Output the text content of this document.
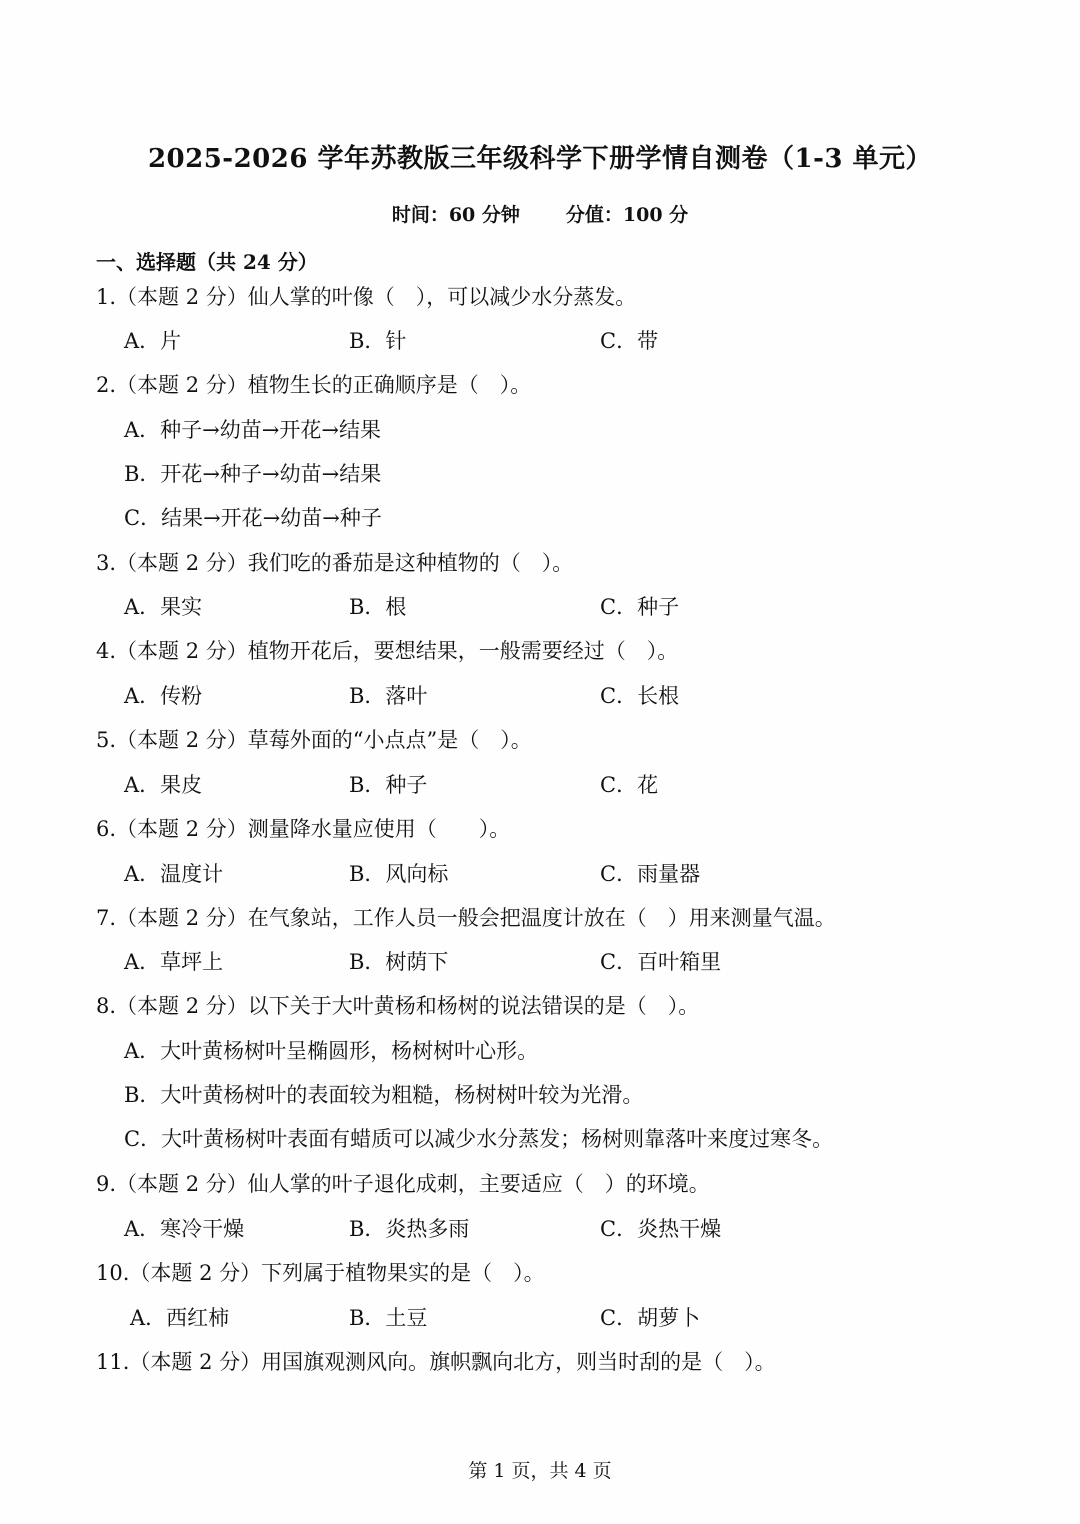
2025-2026 学年苏教版三年级科学下册学情自测卷（1-3 单元）
时间：60 分钟 分值：100 分
一、选择题（共 24 分）
1.（本题 2 分）仙人掌的叶像（　），可以减少水分蒸发。
A．片	B．针	C．带
2.（本题 2 分）植物生长的正确顺序是（　）。
A．种子→幼苗→开花→结果
B．开花→种子→幼苗→结果
C．结果→开花→幼苗→种子
3.（本题 2 分）我们吃的番茄是这种植物的（　）。
A．果实	B．根	C．种子
4.（本题 2 分）植物开花后，要想结果，一般需要经过（　）。
A．传粉	B．落叶	C．长根
5.（本题 2 分）草莓外面的“小点点”是（　）。
A．果皮	B．种子	C．花
6.（本题 2 分）测量降水量应使用（　　）。
A．温度计	B．风向标	C．雨量器
7.（本题 2 分）在气象站，工作人员一般会把温度计放在（　）用来测量气温。
A．草坪上	B．树荫下	C．百叶箱里
8.（本题 2 分）以下关于大叶黄杨和杨树的说法错误的是（　）。
A．大叶黄杨树叶呈椭圆形，杨树树叶心形。
B．大叶黄杨树叶的表面较为粗糙，杨树树叶较为光滑。
C．大叶黄杨树叶表面有蜡质可以减少水分蒸发；杨树则靠落叶来度过寒冬。
9.（本题 2 分）仙人掌的叶子退化成刺，主要适应（　）的环境。
A．寒冷干燥	B．炎热多雨	C．炎热干燥
10.（本题 2 分）下列属于植物果实的是（　）。
A．西红柿	B．土豆	C．胡萝卜
11.（本题 2 分）用国旗观测风向。旗帜飘向北方，则当时刮的是（　）。
第 1 页，共 4 页
